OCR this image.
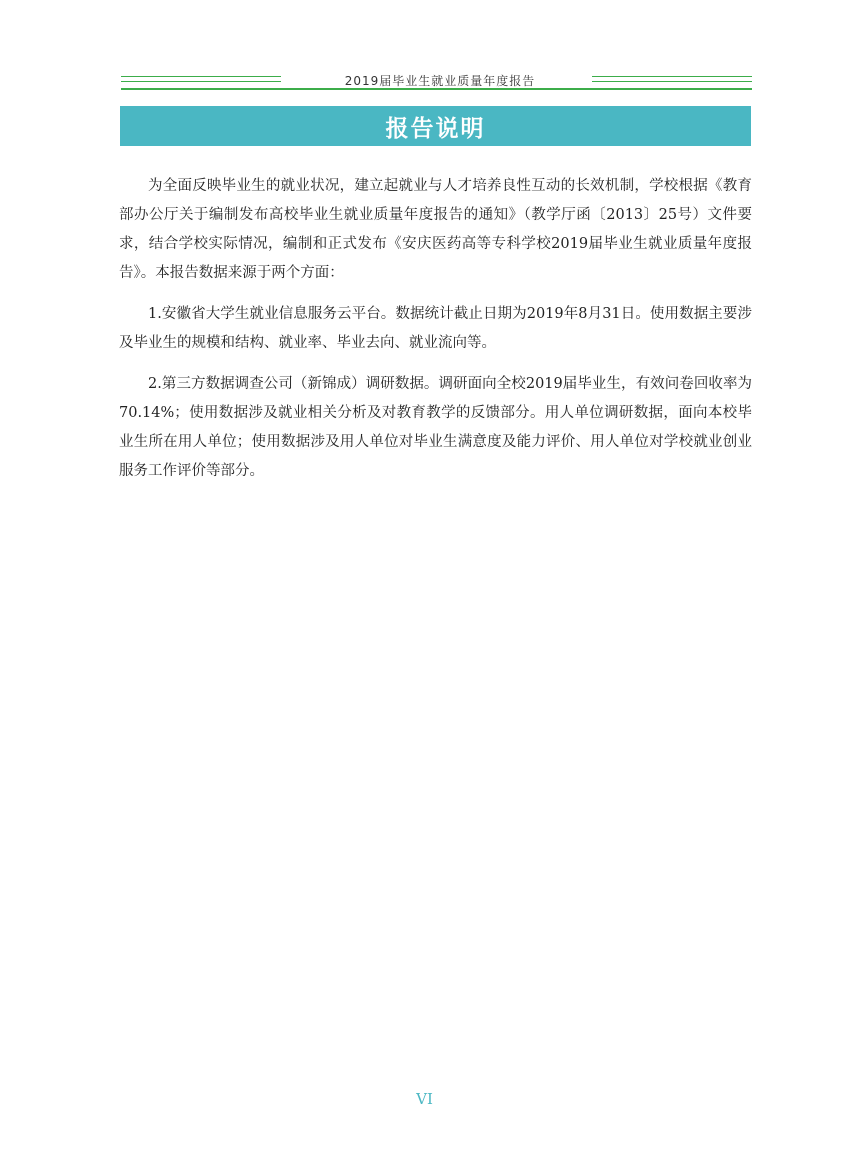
2019届毕业生就业质量年度报告
报告说明

为全面反映毕业生的就业状况，建立起就业与人才培养良性互动的长效机制，学校根据《教育部办公厅关于编制发布高校毕业生就业质量年度报告的通知》（教学厅函〔2013〕25号）文件要求，结合学校实际情况，编制和正式发布《安庆医药高等专科学校2019届毕业生就业质量年度报告》。本报告数据来源于两个方面：

1.安徽省大学生就业信息服务云平台。数据统计截止日期为2019年8月31日。使用数据主要涉及毕业生的规模和结构、就业率、毕业去向、就业流向等。

2.第三方数据调查公司（新锦成）调研数据。调研面向全校2019届毕业生，有效问卷回收率为70.14%；使用数据涉及就业相关分析及对教育教学的反馈部分。用人单位调研数据，面向本校毕业生所在用人单位；使用数据涉及用人单位对毕业生满意度及能力评价、用人单位对学校就业创业服务工作评价等部分。

VI
